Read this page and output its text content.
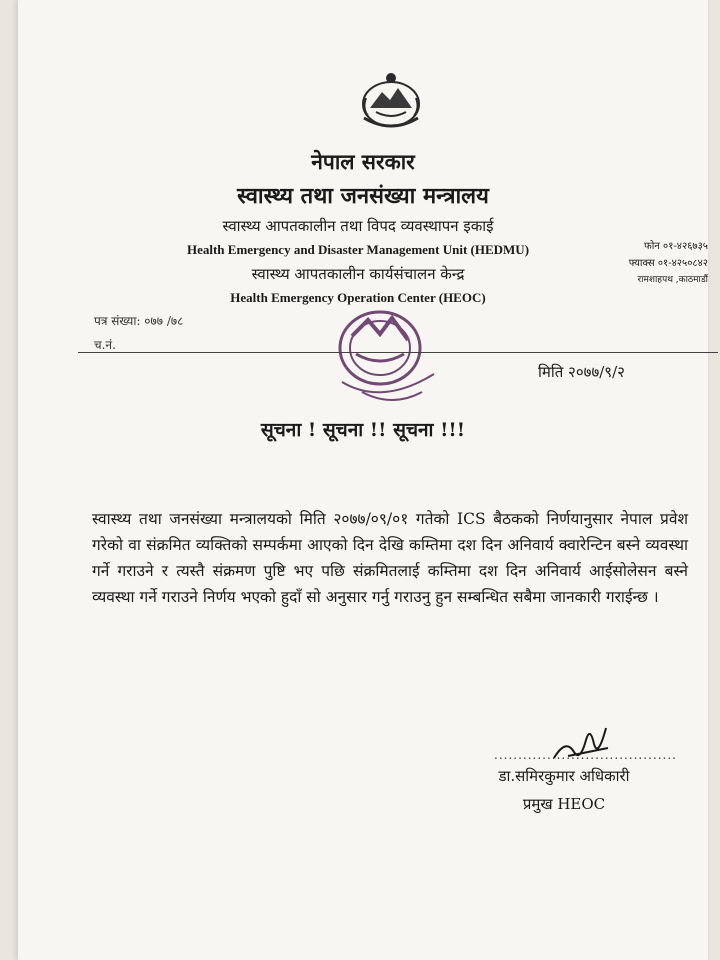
नेपाल सरकार
स्वास्थ्य तथा जनसंख्या मन्त्रालय
स्वास्थ्य आपतकालीन तथा विपद व्यवस्थापन इकाई
Health Emergency and Disaster Management Unit (HEDMU)
स्वास्थ्य आपतकालीन कार्यसंचालन केन्द्र
Health Emergency Operation Center (HEOC)
फोन ०१-४२६७३५
फ्याक्स ०१-४२५०८४२
रामशाहपथ ,काठमाडौं
पत्र संख्या: ०७७ /७८
च.नं.
मिति २०७७/९/२
सूचना ! सूचना !! सूचना !!!
स्वास्थ्य तथा जनसंख्या मन्त्रालयको मिति २०७७/०९/०१ गतेको ICS बैठकको निर्णयानुसार नेपाल प्रवेश गरेको वा संक्रमित व्यक्तिको सम्पर्कमा आएको दिन देखि कम्तिमा दश दिन अनिवार्य क्वारेन्टिन बस्ने व्यवस्था गर्ने गराउने र त्यस्तै संक्रमण पुष्टि भए पछि संक्रमितलाई कम्तिमा दश दिन अनिवार्य आईसोलेसन बस्ने व्यवस्था गर्ने गराउने निर्णय भएको हुदाँ सो अनुसार गर्नु गराउनु हुन सम्बन्धित सबैमा जानकारी गराईन्छ ।
......................................
डा.समिरकुमार अधिकारी
प्रमुख HEOC
